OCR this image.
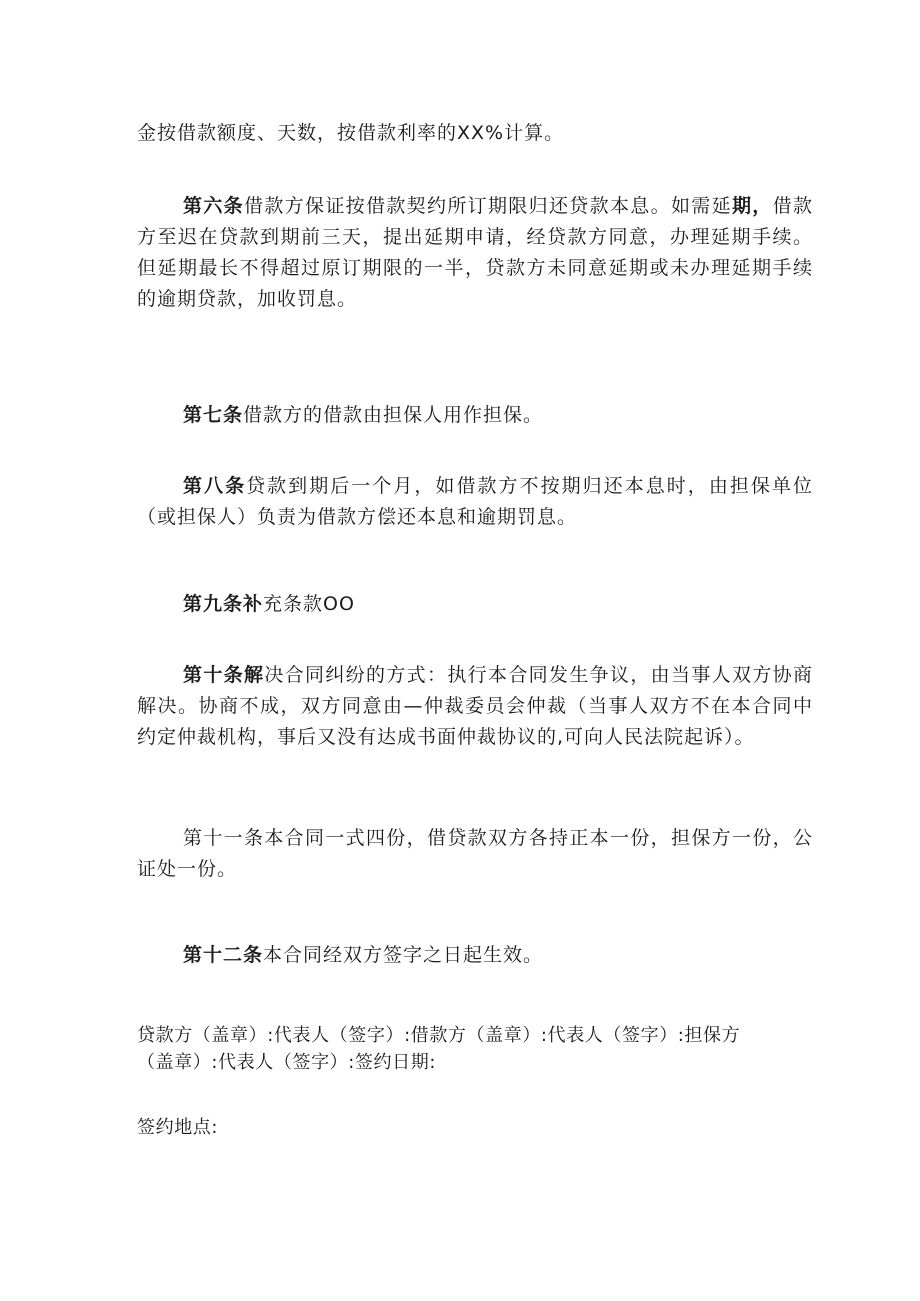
金按借款额度、天数，按借款利率的XX%计算。

第六条借款方保证按借款契约所订期限归还贷款本息。如需延期，借款方至迟在贷款到期前三天，提出延期申请，经贷款方同意，办理延期手续。但延期最长不得超过原订期限的一半，贷款方未同意延期或未办理延期手续的逾期贷款，加收罚息。

第七条借款方的借款由担保人用作担保。

第八条贷款到期后一个月，如借款方不按期归还本息时，由担保单位（或担保人）负责为借款方偿还本息和逾期罚息。

第九条补充条款OO

第十条解决合同纠纷的方式：执行本合同发生争议，由当事人双方协商解决。协商不成，双方同意由—仲裁委员会仲裁（当事人双方不在本合同中约定仲裁机构，事后又没有达成书面仲裁协议的,可向人民法院起诉）。

第十一条本合同一式四份，借贷款双方各持正本一份，担保方一份，公证处一份。

第十二条本合同经双方签字之日起生效。

贷款方（盖章）:代表人（签字）:借款方（盖章）:代表人（签字）:担保方
（盖章）:代表人（签字）:签约日期:

签约地点:
